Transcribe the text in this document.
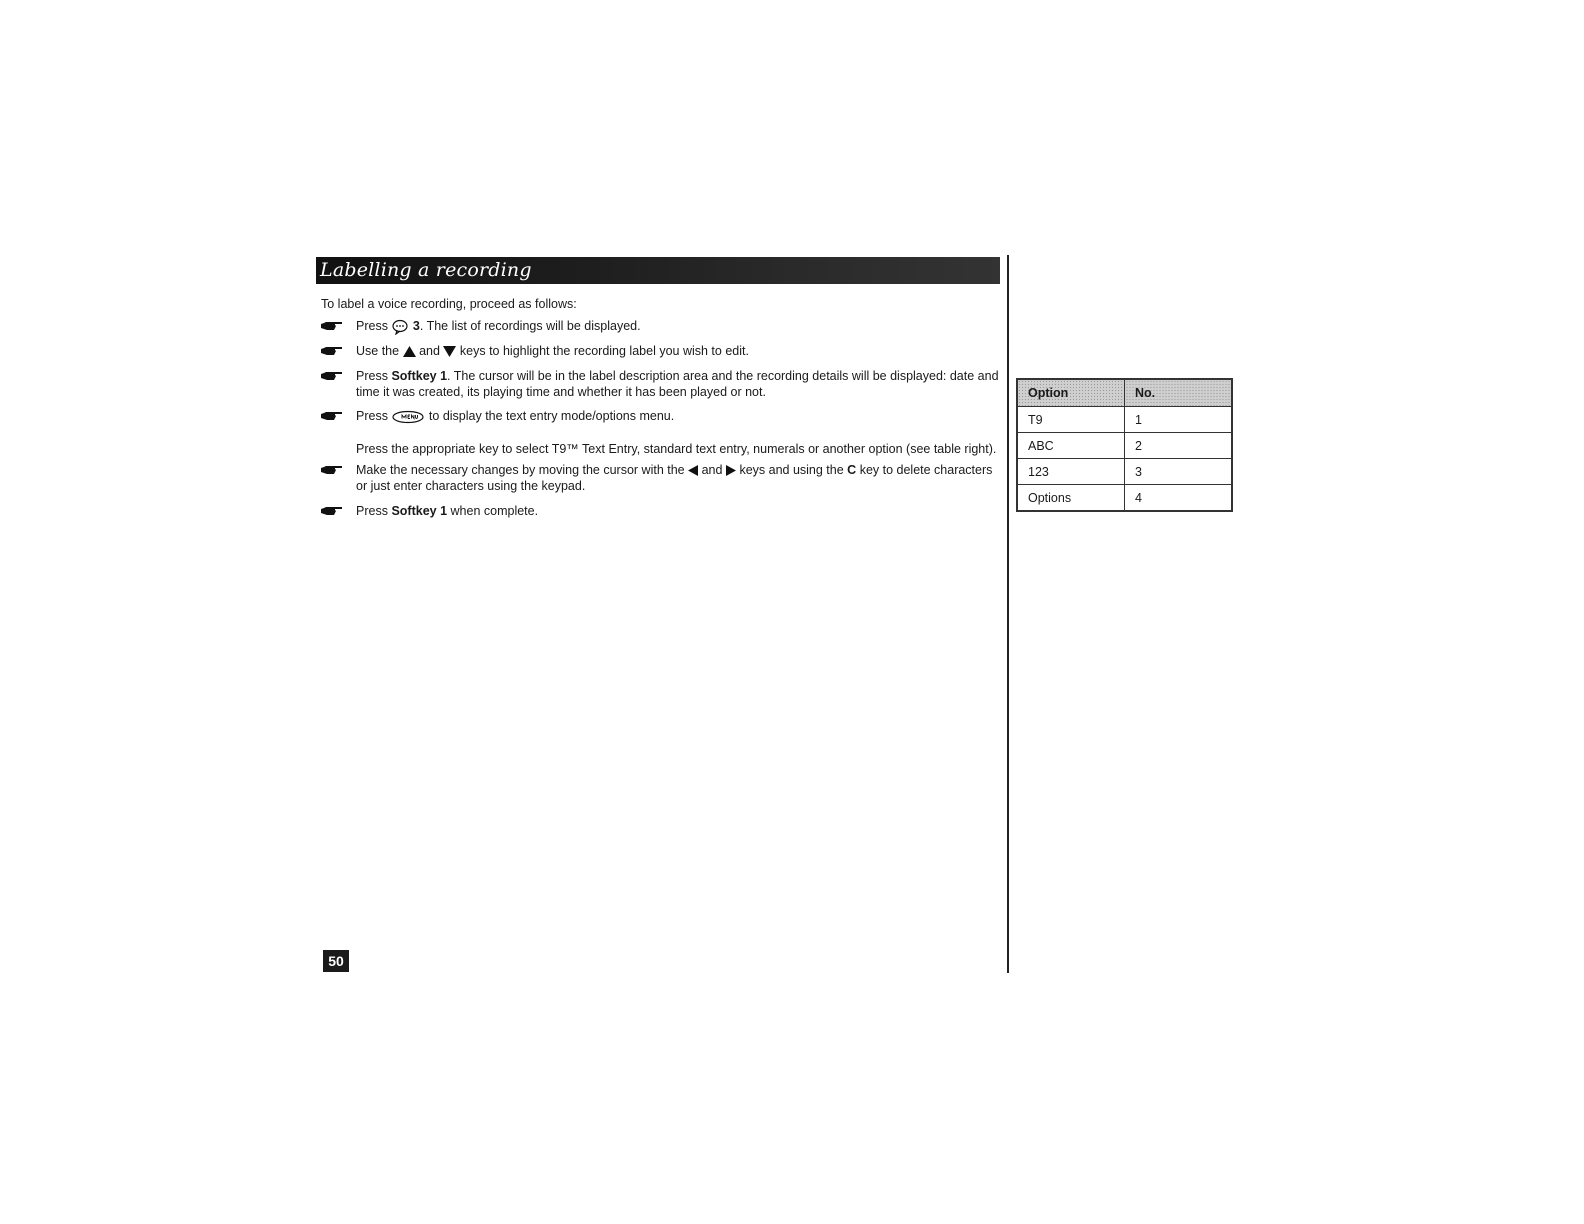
Labelling a recording
To label a voice recording, proceed as follows:
Press 3. The list of recordings will be displayed.
Use the and keys to highlight the recording label you wish to edit.
Press Softkey 1. The cursor will be in the label description area and the recording details will be displayed: date and time it was created, its playing time and whether it has been played or not.
Press	to display the text entry mode/options menu.
Press the appropriate key to select T9™ Text Entry, standard text entry, numerals or another option (see table right).
Make the necessary changes by moving the cursor with the and keys and using the C key to delete characters or just enter characters using the keypad.
Press Softkey 1 when complete.
Option	No.
T9	1
ABC	2
123	3
Options	4
50
